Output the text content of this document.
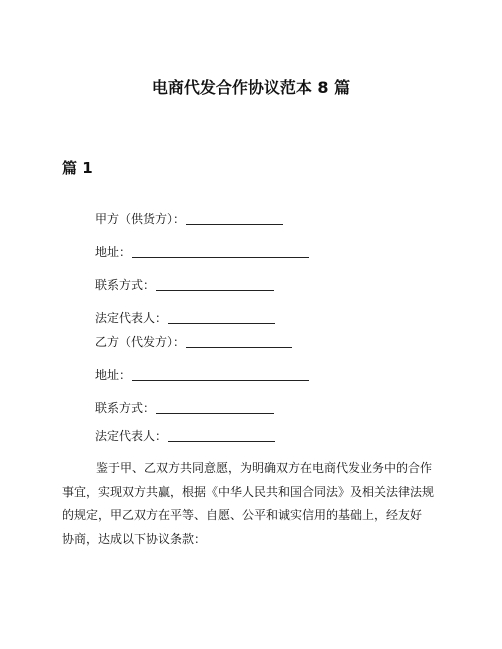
电商代发合作协议范本 8 篇
篇 1
甲方（供货方）：
地址：
联系方式：
法定代表人：
乙方（代发方）：
地址：
联系方式：
法定代表人：
鉴于甲、乙双方共同意愿，为明确双方在电商代发业务中的合作
事宜，实现双方共赢，根据《中华人民共和国合同法》及相关法律法规
的规定，甲乙双方在平等、自愿、公平和诚实信用的基础上，经友好
协商，达成以下协议条款：
